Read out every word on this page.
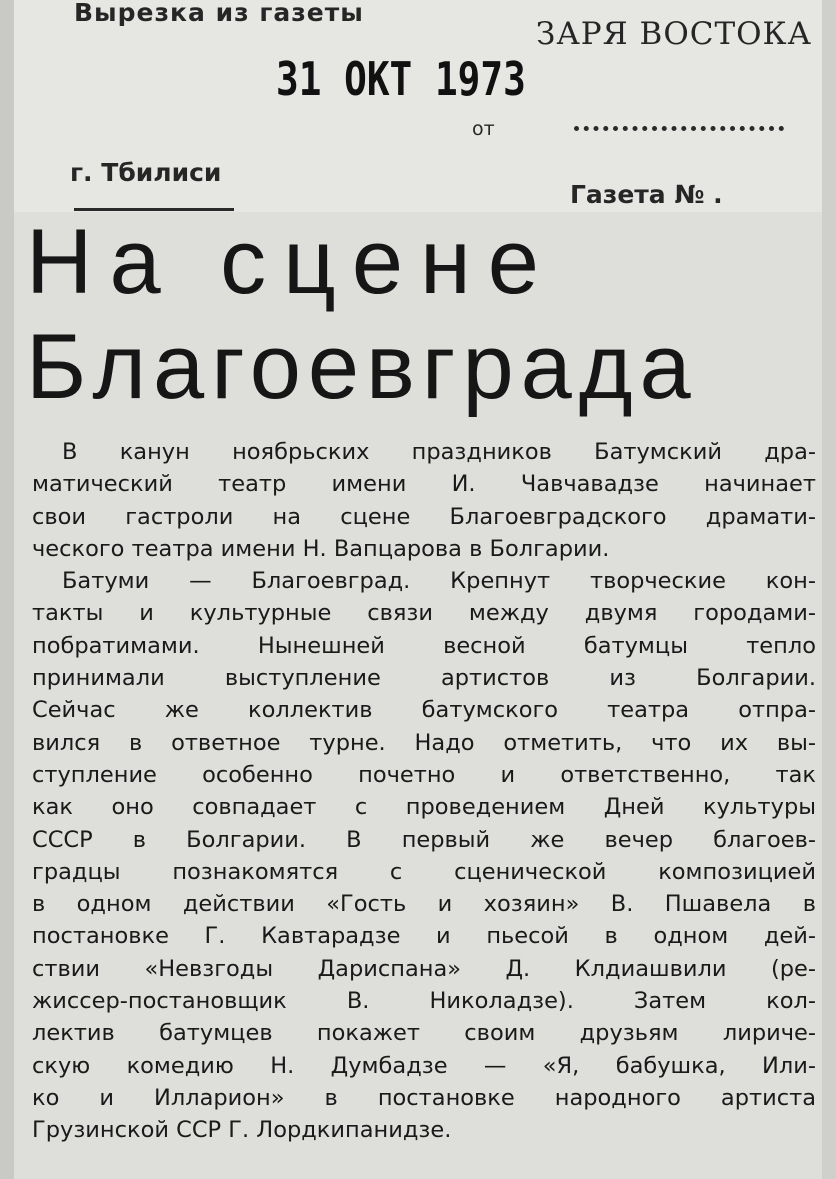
Вырезка из газеты
ЗАРЯ ВОСТОКА
31 ОКТ 1973
от
г. Тбилиси
Газета № .
На сцене
Благоевграда
В канун ноябрьских праздников Батумский дра-
матический театр имени И. Чавчавадзе начинает
свои гастроли на сцене Благоевградского драмати-
ческого театра имени Н. Вапцарова в Болгарии.
Батуми — Благоевград. Крепнут творческие кон-
такты и культурные связи между двумя городами-
побратимами. Нынешней весной батумцы тепло
принимали выступление артистов из Болгарии.
Сейчас же коллектив батумского театра отпра-
вился в ответное турне. Надо отметить, что их вы-
ступление особенно почетно и ответственно, так
как оно совпадает с проведением Дней культуры
СССР в Болгарии. В первый же вечер благоев-
градцы познакомятся с сценической композицией
в одном действии «Гость и хозяин» В. Пшавела в
постановке Г. Кавтарадзе и пьесой в одном дей-
ствии «Невзгоды Дариспана» Д. Клдиашвили (ре-
жиссер-постановщик В. Николадзе). Затем кол-
лектив батумцев покажет своим друзьям лириче-
скую комедию Н. Думбадзе — «Я, бабушка, Или-
ко и Илларион» в постановке народного артиста
Грузинской ССР Г. Лордкипанидзе.
